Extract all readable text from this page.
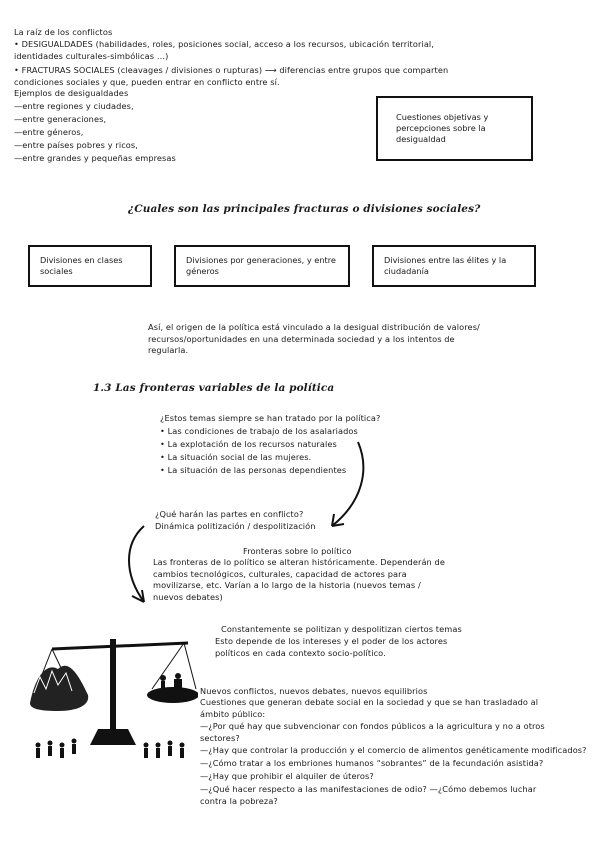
La raíz de los conflictos
• DESIGUALDADES (habilidades, roles, posiciones social, acceso a los recursos, ubicación territorial,
identidades culturales-simbólicas …)
• FRACTURAS SOCIALES (cleavages / divisiones o rupturas) ⟶ diferencias entre grupos que comparten
condiciones sociales y que, pueden entrar en conflicto entre sí.
Ejemplos de desigualdades
—entre regiones y ciudades,
—entre generaciones,
—entre géneros,
—entre países pobres y ricos,
—entre grandes y pequeñas empresas
Cuestiones objetivas y percepciones sobre la desigualdad
¿Cuales son las principales fracturas o divisiones sociales?
Divisiones en clases sociales
Divisiones por generaciones, y entre géneros
Divisiones entre las élites y la ciudadanía
Así, el origen de la política está vinculado a la desigual distribución de valores/ recursos/oportunidades en una determinada sociedad y a los intentos de regularla.
1.3 Las fronteras variables de la política
¿Estos temas siempre se han tratado por la política?
• Las condiciones de trabajo de los asalariados
• La explotación de los recursos naturales
• La situación social de las mujeres.
• La situación de las personas dependientes
¿Qué harán las partes en conflicto?
Dinámica politización / despolitización
Fronteras sobre lo político
Las fronteras de lo político se alteran históricamente. Dependerán de cambios tecnológicos, culturales, capacidad de actores para movilizarse, etc. Varían a lo largo de la historia (nuevos temas / nuevos debates)
Constantemente se politizan y despolitizan ciertos temas
Esto depende de los intereses y el poder de los actores políticos en cada contexto socio-político.
Nuevos conflictos, nuevos debates, nuevos equilibrios
Cuestiones que generan debate social en la sociedad y que se han trasladado al ámbito público:
—¿Por qué hay que subvencionar con fondos públicos a la agricultura y no a otros sectores?
—¿Hay que controlar la producción y el comercio de alimentos genéticamente modificados?
—¿Cómo tratar a los embriones humanos “sobrantes” de la fecundación asistida?
—¿Hay que prohibir el alquiler de úteros?
—¿Qué hacer respecto a las manifestaciones de odio? —¿Cómo debemos luchar contra la pobreza?
